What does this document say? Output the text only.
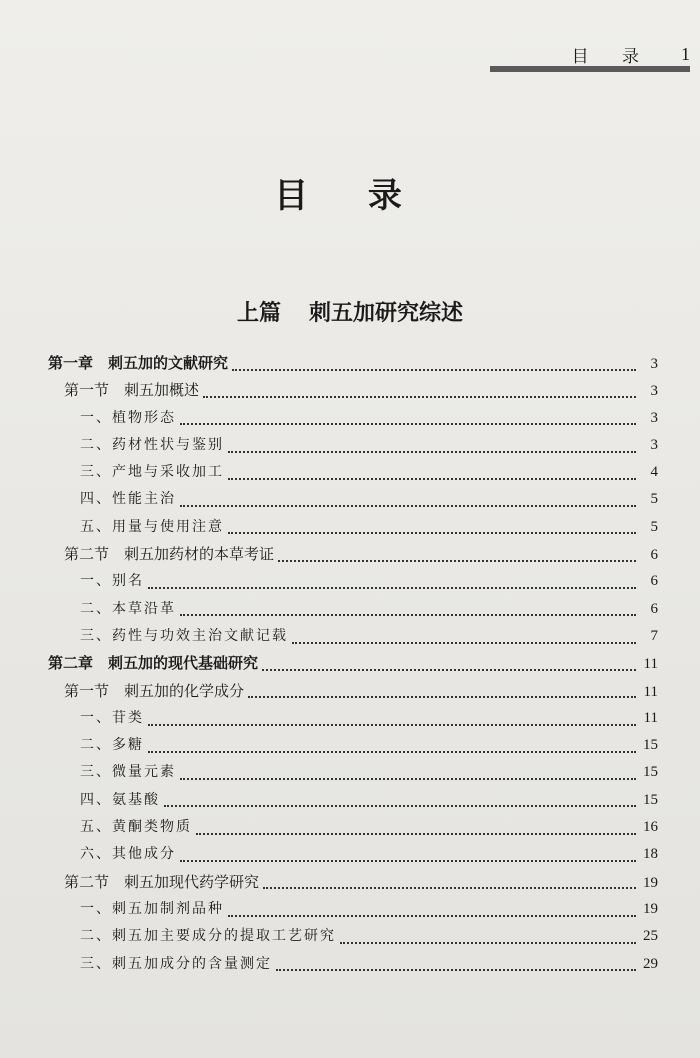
目 录 1
目 录
上篇 刺五加研究综述
第一章　刺五加的文献研究	3
第一节　刺五加概述	3
一、植物形态	3
二、药材性状与鉴别	3
三、产地与采收加工	4
四、性能主治	5
五、用量与使用注意	5
第二节　刺五加药材的本草考证	6
一、别名	6
二、本草沿革	6
三、药性与功效主治文献记载	7
第二章　刺五加的现代基础研究	11
第一节　刺五加的化学成分	11
一、苷类	11
二、多糖	15
三、微量元素	15
四、氨基酸	15
五、黄酮类物质	16
六、其他成分	18
第二节　刺五加现代药学研究	19
一、刺五加制剂品种	19
二、刺五加主要成分的提取工艺研究	25
三、刺五加成分的含量测定	29
